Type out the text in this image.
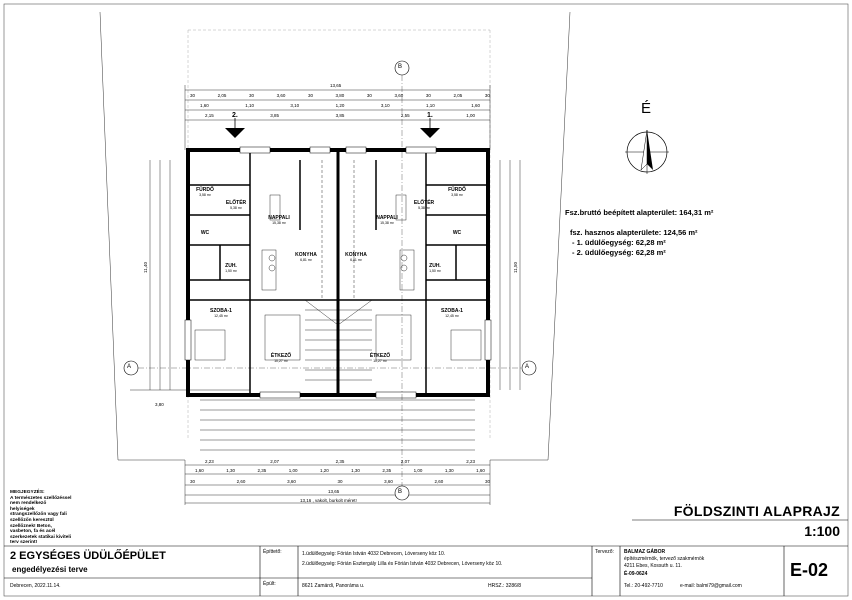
É
B
B
A	A
2.	1.
13,65
30	2,05	30	3,60	30	3,80	30	3,60	30	2,05	30
1,60	1,10	3,10	1,20	3,10	1,10	1,60
2,15	3,85	3,85	2,55	1,00
2,23	2,07	2,35	2,07	2,23
1,60	1,30	2,35	1,00	1,20	1,30	2,35	1,00	1,30	1,60
30	2,60	3,60	30	3,60	2,60	30
13,65
13,16 , vakolt, burkolt méret!
11,40	11,50
3,80
FÜRDŐ
3,58 m²
ELŐTÉR
5,38 m²
NAPPALI
15,38 m²
NAPPALI
15,38 m²
ELŐTÉR
5,38 m²
FÜRDŐ
3,58 m²
WC	WC
KONYHA
6,81 m²
KONYHA
6,81 m²
ZUH.
1,50 m²
ZUH.
1,50 m²
SZOBA-1
12,45 m²
SZOBA-1
12,45 m²
ÉTKEZŐ
10,27 m²
ÉTKEZŐ
10,27 m²
Fsz.bruttó beépített alapterület: 164,31 m²
fsz. hasznos alapterülete: 124,56 m²
- 1. üdülőegység: 62,28 m²
- 2. üdülőegység: 62,28 m²
MEGJEGYZÉS:
A természetes szellőzéssel nem rendelkező helyiségek strangszellőzőn vagy fali szellőzőn keresztül szellőznek! Beton, vasbeton, fa és acél szerkezetek statikai kiviteli terv szerint!
FÖLDSZINTI ALAPRAJZ
1:100
2 EGYSÉGES ÜDÜLŐÉPÜLET
engedélyezési terve
Debrecen, 2022.11.14.
Építtető:	1.üdülőegység: Förián István 4032 Debrecen, Lóverseny köz 10.
2.üdülőegység: Förián Esztergály Lilla és Förián István 4032 Debrecen, Lóverseny köz 10.
Épült:	8621 Zamárdi, Panoráma u.	HRSZ.: 3286/8
Tervező: BALMAZ GÁBOR
építészmérnök, tervező szakmérnök
4211 Ebes, Kossuth u. 11.
É-09-0624
Tel.: 20-492-7710	e-mail: balmi79@gmail.com
E-02
